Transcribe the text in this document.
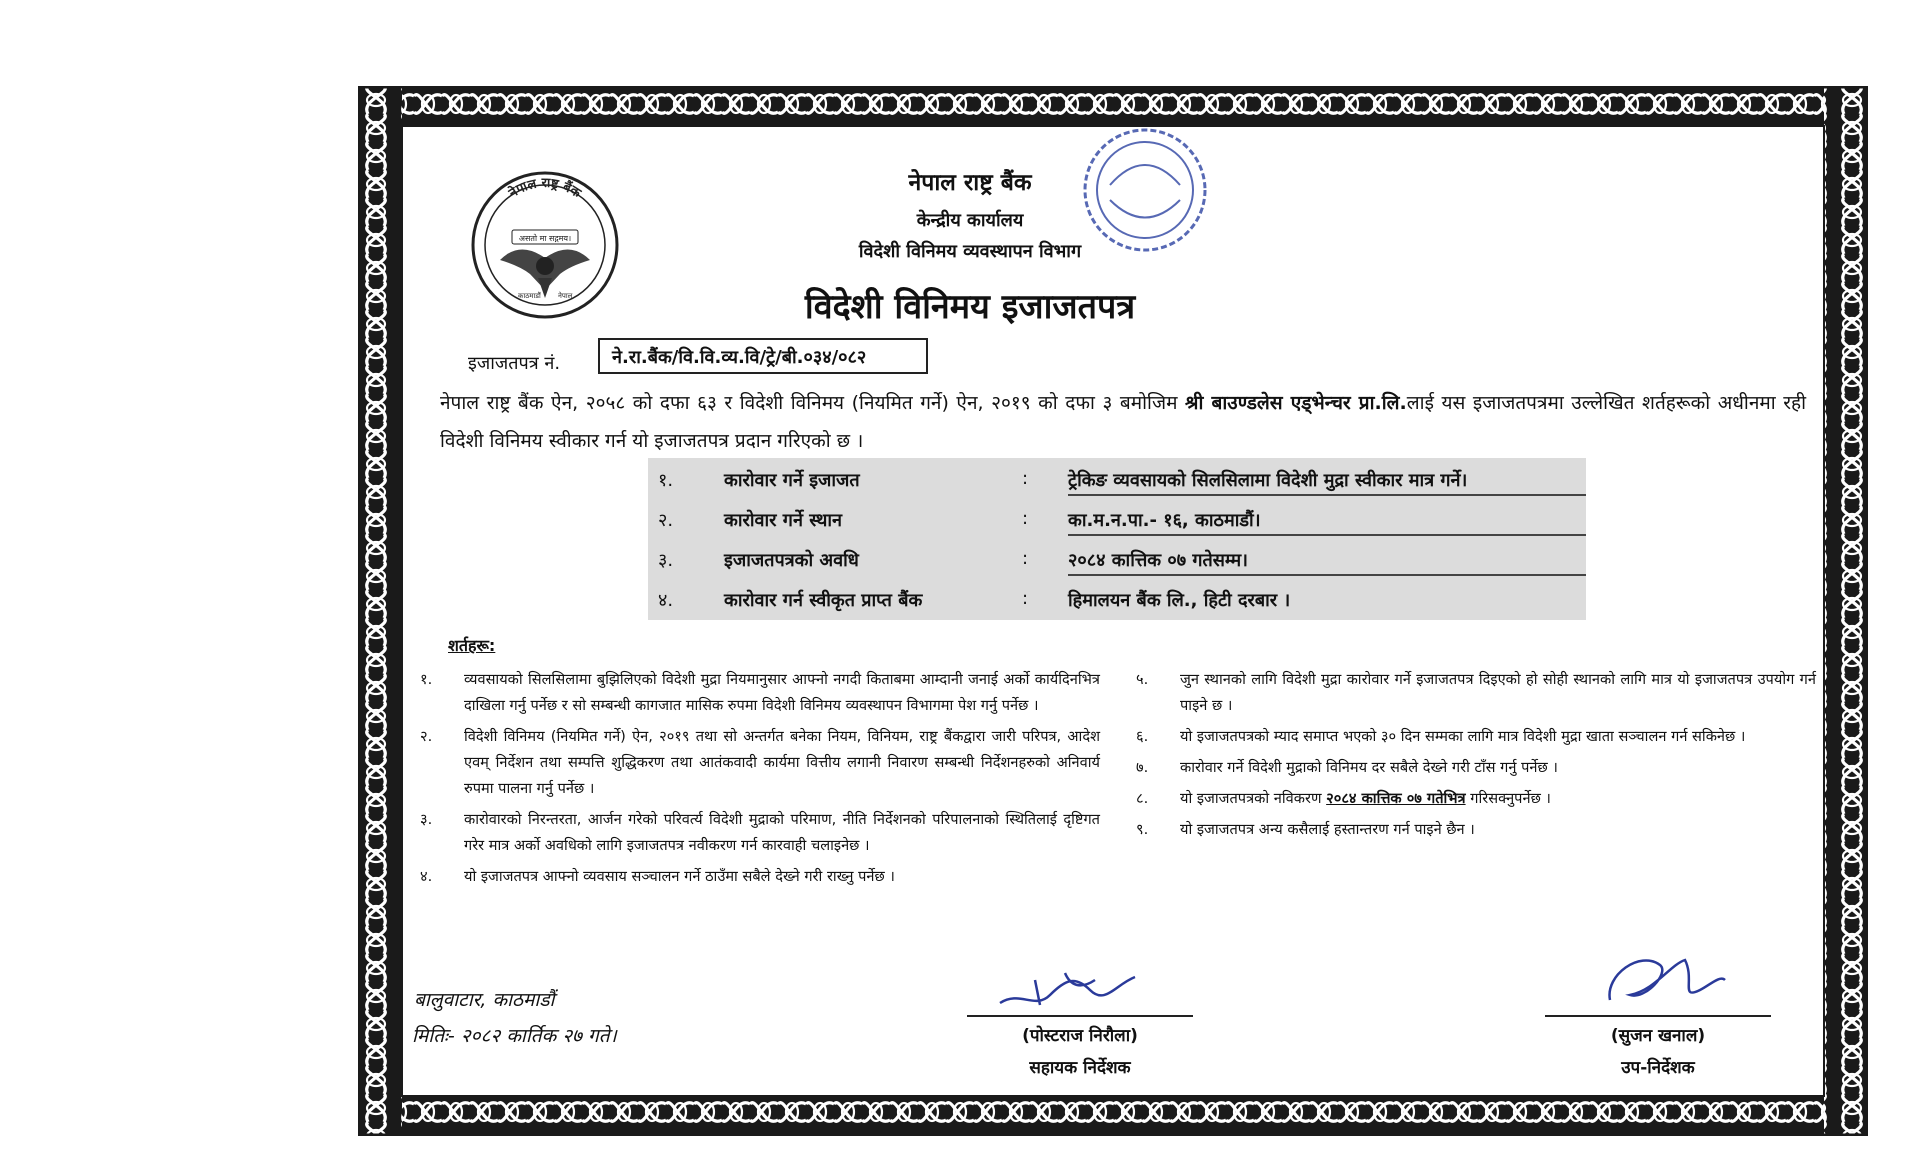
नेपाल राष्ट्र बैंक
असतो मा सद्गमय।
काठमाडौं नेपाल
नेपाल राष्ट्र बैंक
केन्द्रीय कार्यालय
विदेशी विनिमय व्यवस्थापन विभाग
विदेशी विनिमय इजाजतपत्र
इजाजतपत्र नं.	ने.रा.बैंक/वि.वि.व्य.वि/ट्रे/बी.०३४/०८२
नेपाल राष्ट्र बैंक ऐन, २०५८ को दफा ६३ र विदेशी विनिमय (नियमित गर्ने) ऐन, २०१९ को दफा ३ बमोजिम श्री बाउण्डलेस एड्भेन्चर प्रा.लि.लाई यस इजाजतपत्रमा उल्लेखित शर्तहरूको अधीनमा रही विदेशी विनिमय स्वीकार गर्न यो इजाजतपत्र प्रदान गरिएको छ ।
१.	कारोवार गर्ने इजाजत	: ट्रेकिङ व्यवसायको सिलसिलामा विदेशी मुद्रा स्वीकार मात्र गर्ने।
२.	कारोवार गर्ने स्थान	: का.म.न.पा.- १६, काठमाडौं।
३.	इजाजतपत्रको अवधि	: २०८४ कात्तिक ०७ गतेसम्म।
४.	कारोवार गर्न स्वीकृत प्राप्त बैंक	: हिमालयन बैंक लि., हिटी दरबार ।
शर्तहरू:
१. व्यवसायको सिलसिलामा बुझिलिएको विदेशी मुद्रा नियमानुसार आफ्नो नगदी किताबमा आम्दानी जनाई अर्को कार्यदिनभित्र दाखिला गर्नु पर्नेछ र सो सम्बन्धी कागजात मासिक रुपमा विदेशी विनिमय व्यवस्थापन विभागमा पेश गर्नु पर्नेछ ।
२. विदेशी विनिमय (नियमित गर्ने) ऐन, २०१९ तथा सो अन्तर्गत बनेका नियम, विनियम, राष्ट्र बैंकद्वारा जारी परिपत्र, आदेश एवम् निर्देशन तथा सम्पत्ति शुद्धिकरण तथा आतंकवादी कार्यमा वित्तीय लगानी निवारण सम्बन्धी निर्देशनहरुको अनिवार्य रुपमा पालना गर्नु पर्नेछ ।
३. कारोवारको निरन्तरता, आर्जन गरेको परिवर्त्य विदेशी मुद्राको परिमाण, नीति निर्देशनको परिपालनाको स्थितिलाई दृष्टिगत गरेर मात्र अर्को अवधिको लागि इजाजतपत्र नवीकरण गर्न कारवाही चलाइनेछ ।
४. यो इजाजतपत्र आफ्नो व्यवसाय सञ्चालन गर्ने ठाउँमा सबैले देख्ने गरी राख्नु पर्नेछ ।
५. जुन स्थानको लागि विदेशी मुद्रा कारोवार गर्ने इजाजतपत्र दिइएको हो सोही स्थानको लागि मात्र यो इजाजतपत्र उपयोग गर्न पाइने छ ।
६. यो इजाजतपत्रको म्याद समाप्त भएको ३० दिन सम्मका लागि मात्र विदेशी मुद्रा खाता सञ्चालन गर्न सकिनेछ ।
७. कारोवार गर्ने विदेशी मुद्राको विनिमय दर सबैले देख्ने गरी टाँस गर्नु पर्नेछ ।
८. यो इजाजतपत्रको नविकरण २०८४ कात्तिक ०७ गतेभित्र गरिसक्नुपर्नेछ ।
९. यो इजाजतपत्र अन्य कसैलाई हस्तान्तरण गर्न पाइने छैन ।
बालुवाटार, काठमाडौं
मितिः- २०८२ कार्तिक २७ गते।	(पोस्टराज निरौला)
सहायक निर्देशक
(सुजन खनाल)
उप-निर्देशक
